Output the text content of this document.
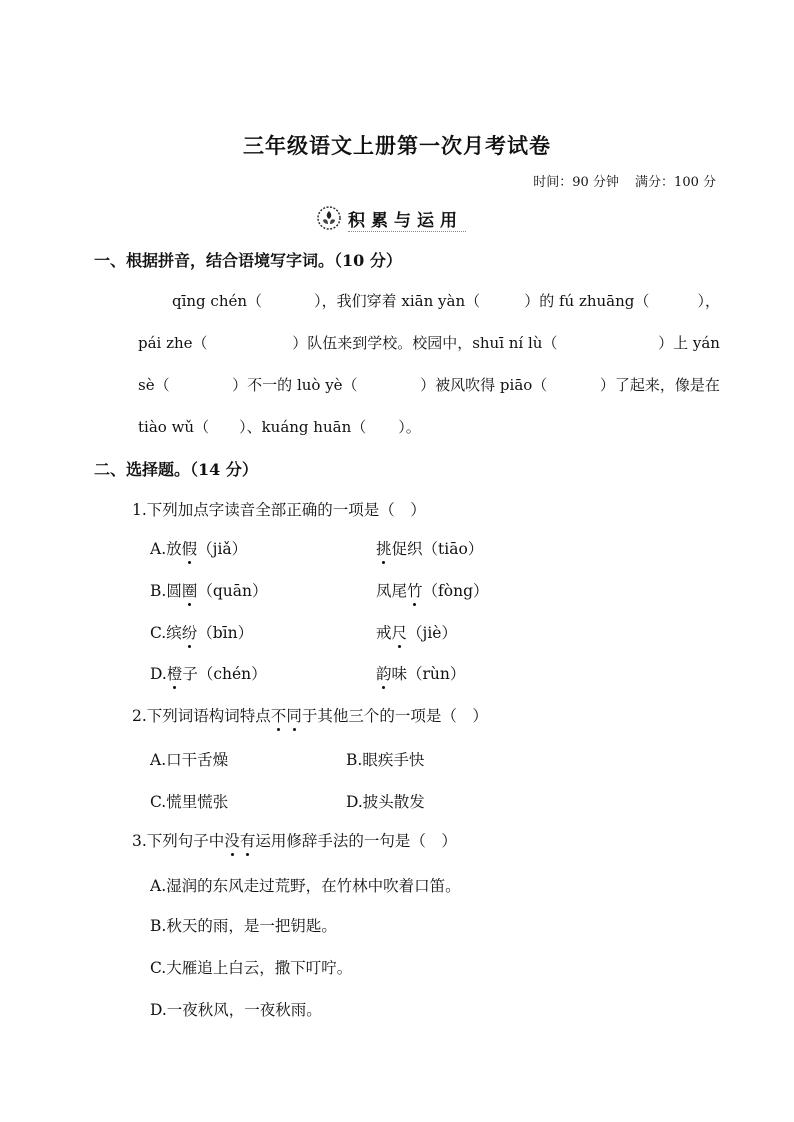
三年级语文上册第一次月考试卷
时间：90 分钟 满分：100 分
积累与运用
一、根据拼音，结合语境写字词。（10 分）
qīng chén（	），我们穿着 xiān yàn（	）的 fú zhuāng（	），
pái zhe（	）队伍来到学校。校园中，shuī ní lù（	）上 yán
sè（	）不一的 luò yè（	）被风吹得 piāo（	）了起来，像是在
tiào wǔ（ ）、kuáng huān（ ）。
二、选择题。（14 分）
1.下列加点字读音全部正确的一项是（　）
A.放假（jiǎ）	挑促织（tiāo）
B.圆圈（quān）	凤尾竹（fòng）
C.缤纷（bīn）	戒尺（jiè）
D.橙子（chén）	韵味（rùn）
2.下列词语构词特点不同于其他三个的一项是（　）
A.口干舌燥	B.眼疾手快
C.慌里慌张	D.披头散发
3.下列句子中没有运用修辞手法的一句是（　）
A.湿润的东风走过荒野，在竹林中吹着口笛。
B.秋天的雨，是一把钥匙。
C.大雁追上白云，撒下叮咛。
D.一夜秋风，一夜秋雨。
